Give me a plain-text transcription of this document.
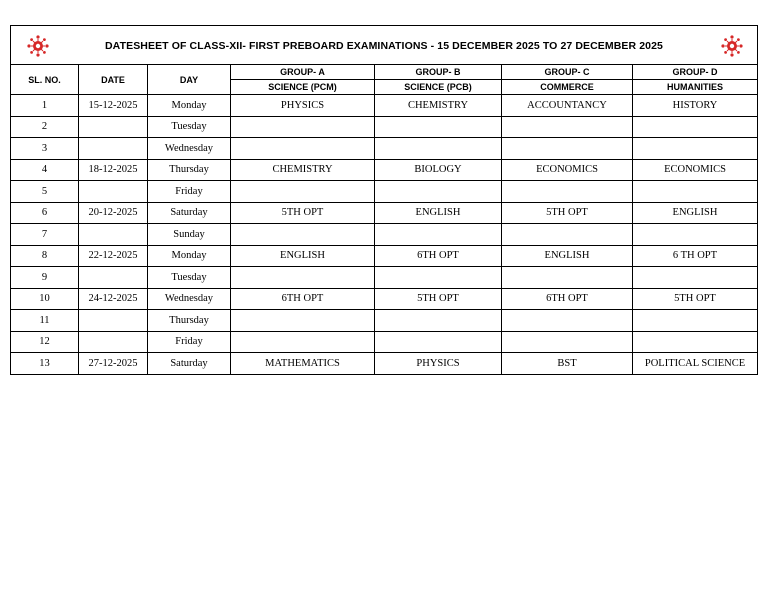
DATESHEET OF CLASS-XII- FIRST PREBOARD EXAMINATIONS - 15 DECEMBER 2025 TO 27 DECEMBER 2025						

SL. NO.	DATE	DAY	GROUP- A	GROUP- B	GROUP- C	GROUP- D
			SCIENCE (PCM)	SCIENCE (PCB)	COMMERCE	HUMANITIES
1	15-12-2025	Monday	PHYSICS	CHEMISTRY	ACCOUNTANCY	HISTORY
2		Tuesday				
3		Wednesday				
4	18-12-2025	Thursday	CHEMISTRY	BIOLOGY	ECONOMICS	ECONOMICS
5		Friday				
6	20-12-2025	Saturday	5TH OPT	ENGLISH	5TH OPT	ENGLISH
7		Sunday				
8	22-12-2025	Monday	ENGLISH	6TH OPT	ENGLISH	6 TH OPT
9		Tuesday				
10	24-12-2025	Wednesday	6TH OPT	5TH OPT	6TH OPT	5TH OPT
11		Thursday				
12		Friday				
13	27-12-2025	Saturday	MATHEMATICS	PHYSICS	BST	POLITICAL SCIENCE
